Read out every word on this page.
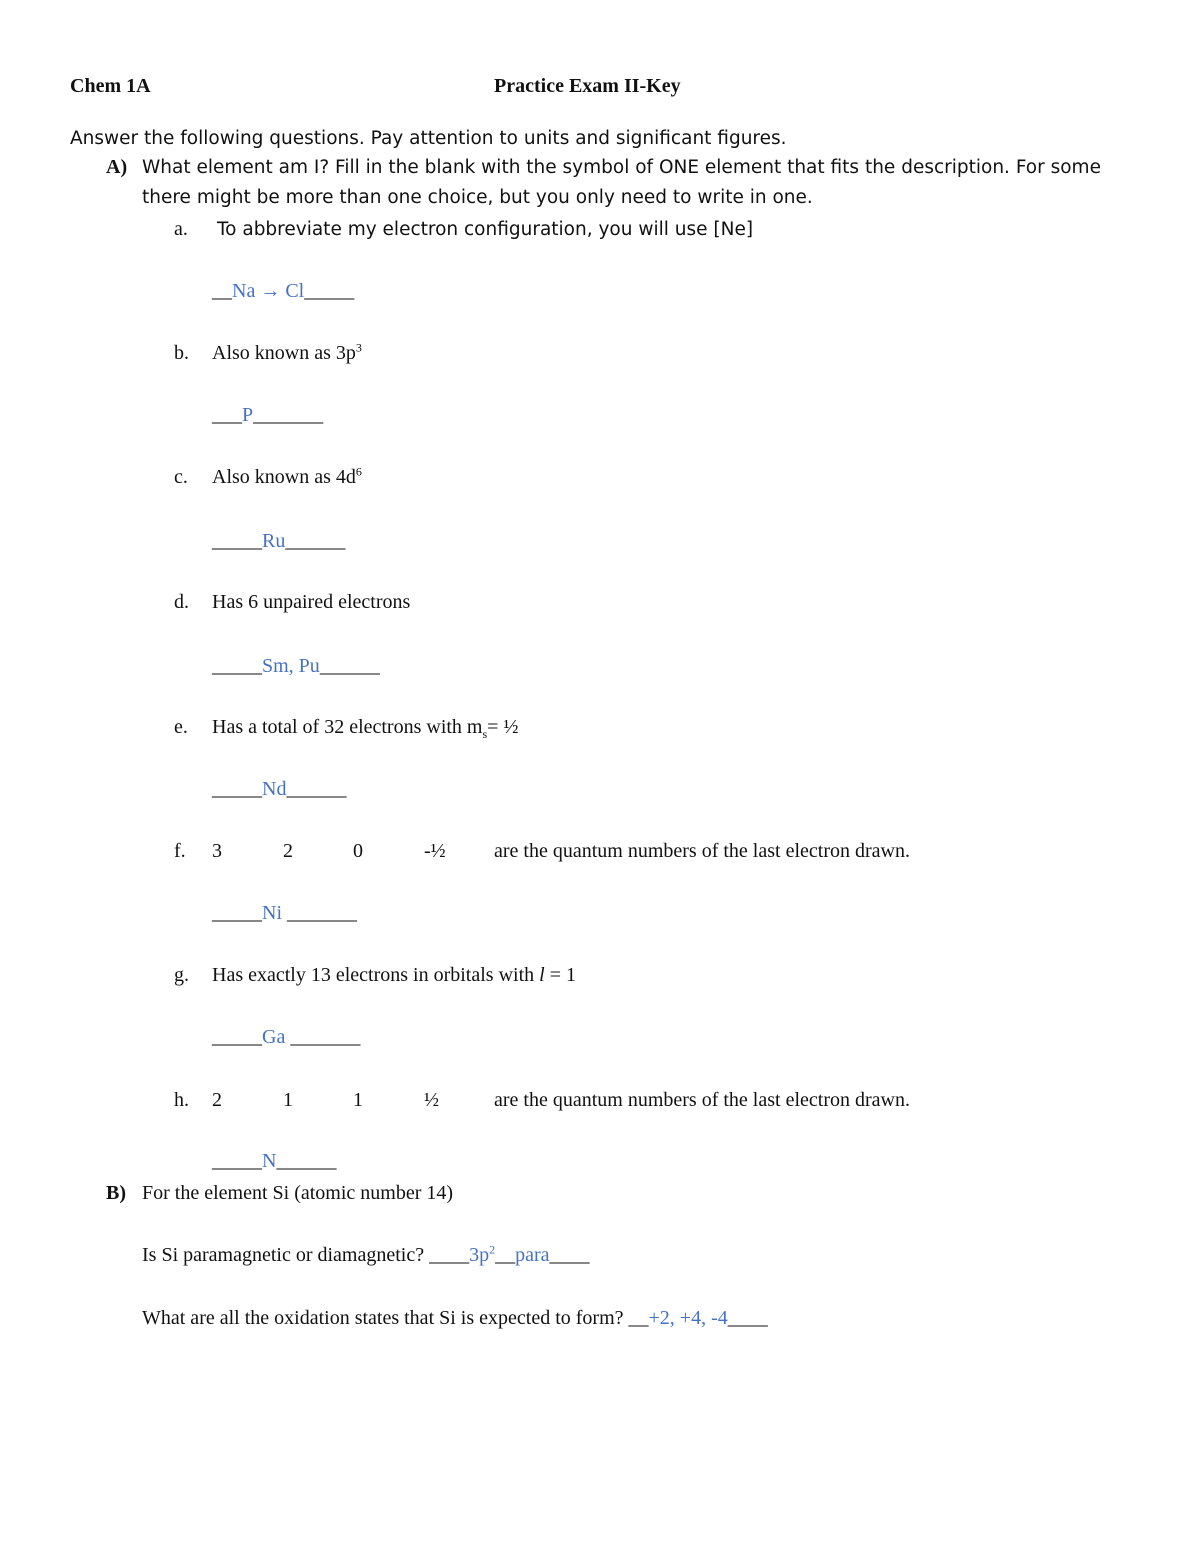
Chem 1A	Practice Exam II-Key
Answer the following questions. Pay attention to units and significant figures.
A) What element am I? Fill in the blank with the symbol of ONE element that fits the description. For some
there might be more than one choice, but you only need to write in one.
a. To abbreviate my electron configuration, you will use [Ne]
__Na → Cl_____
b. Also known as $3p^3$
___P_______
c. Also known as $4d^6$
_____Ru______
d. Has 6 unpaired electrons
_____Sm, Pu______
e. Has a total of 32 electrons with $m_s=$ ½
_____Nd______
f. 3	2	0	-½ are the quantum numbers of the last electron drawn.
_____Ni _______
g. Has exactly 13 electrons in orbitals with l = 1
_____Ga _______
h. 2	1	1	½	are the quantum numbers of the last electron drawn.
_____N______
B) For the element Si (atomic number 14)
Is Si paramagnetic or diamagnetic? $\_\_\_\_3p^2\_\_para\_\_\_\_$
What are all the oxidation states that Si is expected to form? __+2, +4, -4____
